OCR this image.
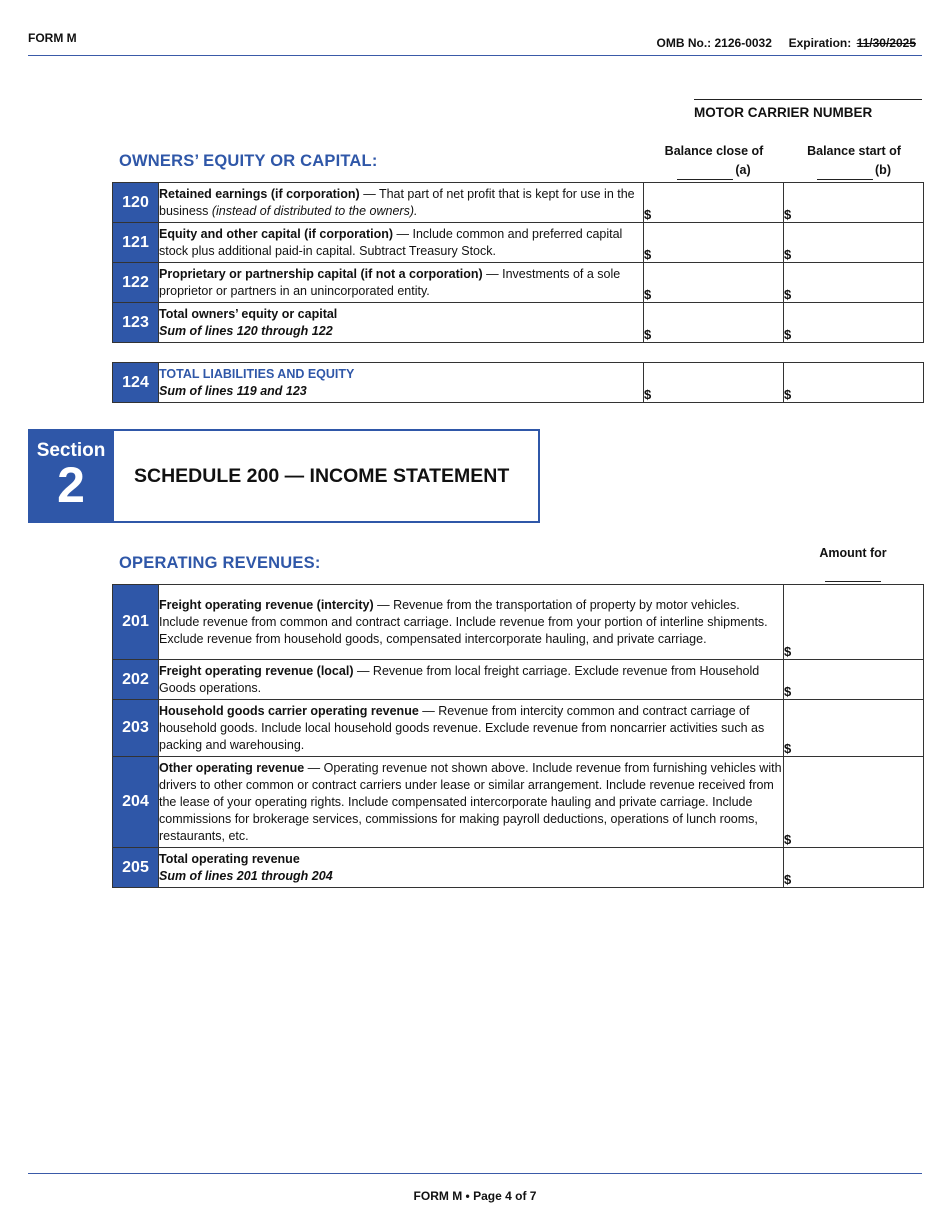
FORM M	OMB No.: 2126-0032 Expiration: 11/30/2025
MOTOR CARRIER NUMBER
OWNERS’ EQUITY OR CAPITAL:
Balance close of
(a)
Balance start of
(b)
120	Retained earnings (if corporation) — That part of net profit that is kept for use in the business (instead of distributed to the owners).	$	$
121	Equity and other capital (if corporation) — Include common and preferred capital stock plus additional paid-in capital. Subtract Treasury Stock.	$	$
122	Proprietary or partnership capital (if not a corporation) — Investments of a sole proprietor or partners in an unincorporated entity.	$	$
123	Total owners’ equity or capital
Sum of lines 120 through 122	$	$
124	TOTAL LIABILITIES AND EQUITY
Sum of lines 119 and 123	$	$
Section
2	SCHEDULE 200 — INCOME STATEMENT
OPERATING REVENUES:
Amount for
201	Freight operating revenue (intercity) — Revenue from the transportation of property by motor vehicles. Include revenue from common and contract carriage. Include revenue from your portion of interline shipments. Exclude revenue from household goods, compensated intercorporate hauling, and private carriage.	$
202	Freight operating revenue (local) — Revenue from local freight carriage. Exclude revenue from Household Goods operations.	$
203	Household goods carrier operating revenue — Revenue from intercity common and contract carriage of household goods. Include local household goods revenue. Exclude revenue from noncarrier activities such as packing and warehousing.	$
204	Other operating revenue — Operating revenue not shown above. Include revenue from furnishing vehicles with drivers to other common or contract carriers under lease or similar arrangement. Include revenue received from the lease of your operating rights. Include compensated intercorporate hauling and private carriage. Include commissions for brokerage services, commissions for making payroll deductions, operations of lunch rooms, restaurants, etc.	$
205	Total operating revenue
Sum of lines 201 through 204	$
FORM M • Page 4 of 7
